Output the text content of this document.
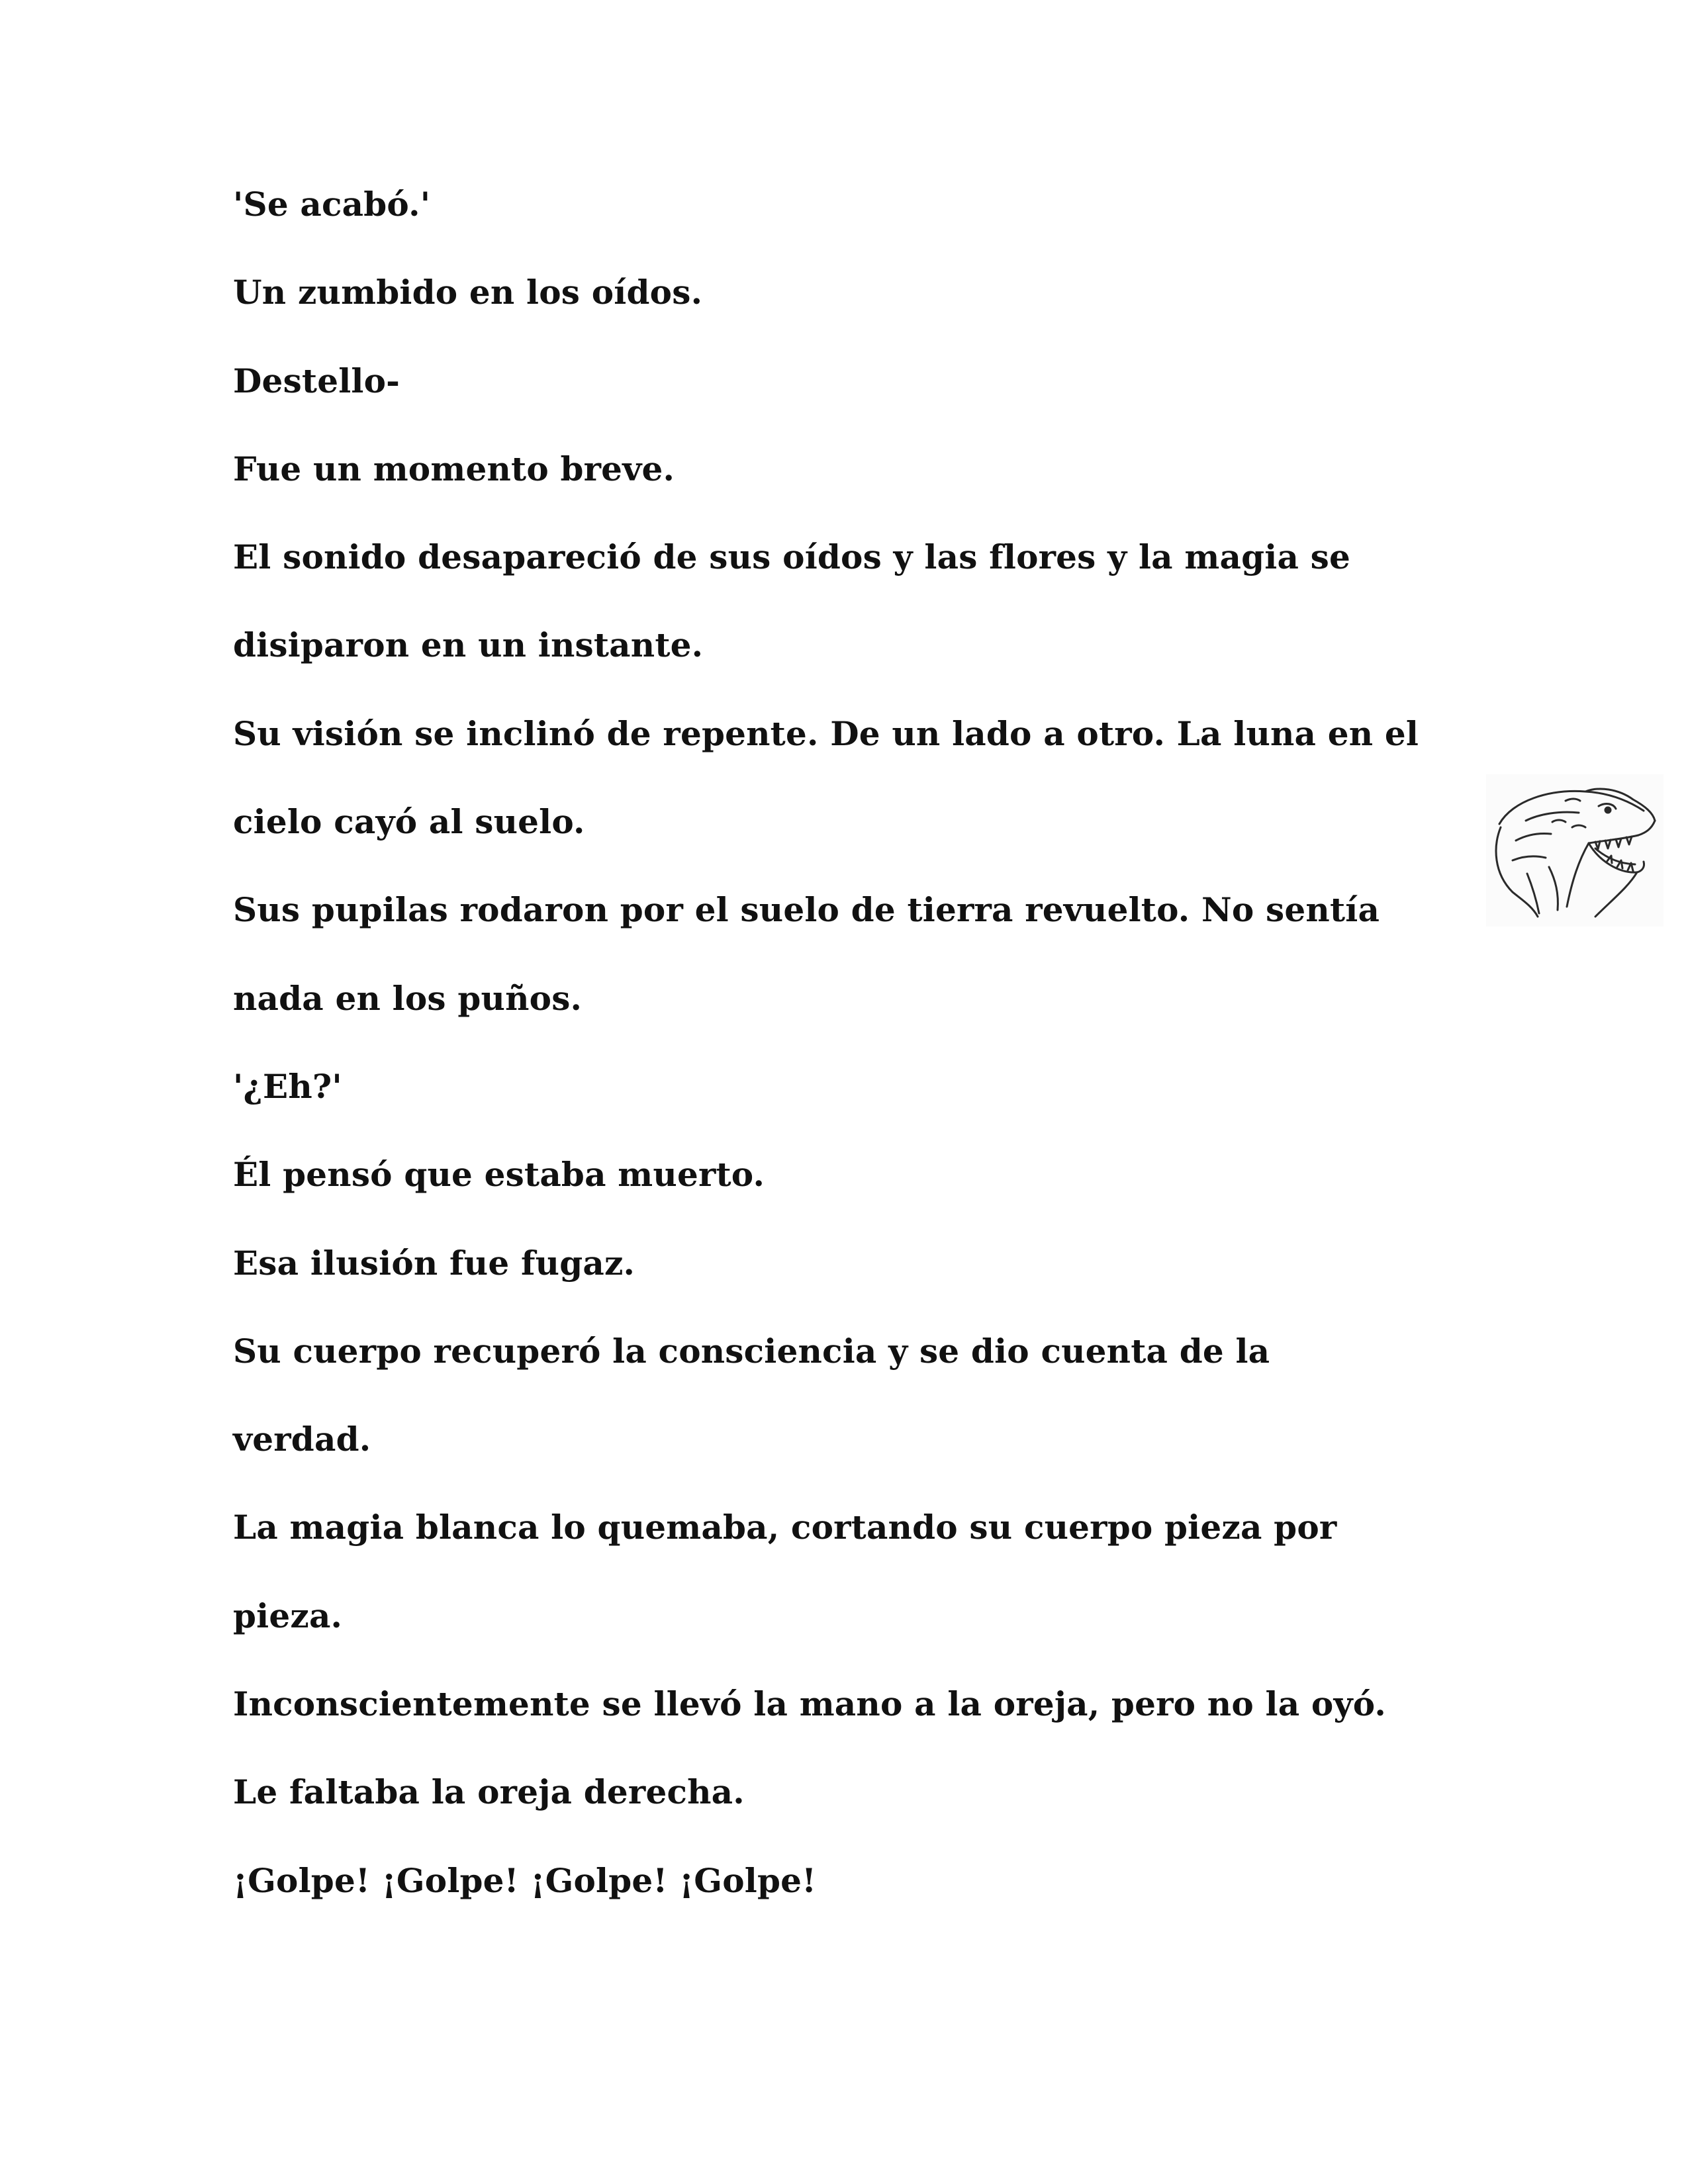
'Se acabó.'
Un zumbido en los oídos.
Destello-
Fue un momento breve.
El sonido desapareció de sus oídos y las flores y la magia se
disiparon en un instante.
Su visión se inclinó de repente. De un lado a otro. La luna en el
cielo cayó al suelo.
Sus pupilas rodaron por el suelo de tierra revuelto. No sentía
nada en los puños.
'¿Eh?'
Él pensó que estaba muerto.
Esa ilusión fue fugaz.
Su cuerpo recuperó la consciencia y se dio cuenta de la
verdad.
La magia blanca lo quemaba, cortando su cuerpo pieza por
pieza.
Inconscientemente se llevó la mano a la oreja, pero no la oyó.
Le faltaba la oreja derecha.
¡Golpe! ¡Golpe! ¡Golpe! ¡Golpe!
